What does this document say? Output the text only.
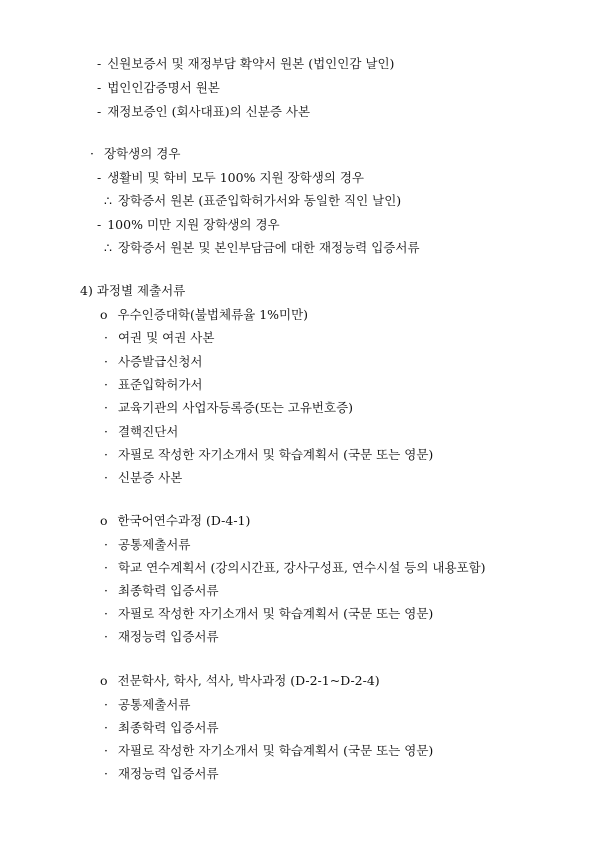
- 신원보증서 및 재정부담 확약서 원본 (법인인감 날인)
- 법인인감증명서 원본
- 재정보증인 (회사대표)의 신분증 사본
· 장학생의 경우
- 생활비 및 학비 모두 100% 지원 장학생의 경우
∴ 장학증서 원본 (표준입학허가서와 동일한 직인 날인)
- 100% 미만 지원 장학생의 경우
∴ 장학증서 원본 및 본인부담금에 대한 재정능력 입증서류
4) 과정별 제출서류
o 우수인증대학(불법체류율 1%미만)
· 여권 및 여권 사본
· 사증발급신청서
· 표준입학허가서
· 교육기관의 사업자등록증(또는 고유번호증)
· 결핵진단서
· 자필로 작성한 자기소개서 및 학습계획서 (국문 또는 영문)
· 신분증 사본
o 한국어연수과정 (D-4-1)
· 공통제출서류
· 학교 연수계획서 (강의시간표, 강사구성표, 연수시설 등의 내용포함)
· 최종학력 입증서류
· 자필로 작성한 자기소개서 및 학습계획서 (국문 또는 영문)
· 재정능력 입증서류
o 전문학사, 학사, 석사, 박사과정 (D-2-1~D-2-4)
· 공통제출서류
· 최종학력 입증서류
· 자필로 작성한 자기소개서 및 학습계획서 (국문 또는 영문)
· 재정능력 입증서류
